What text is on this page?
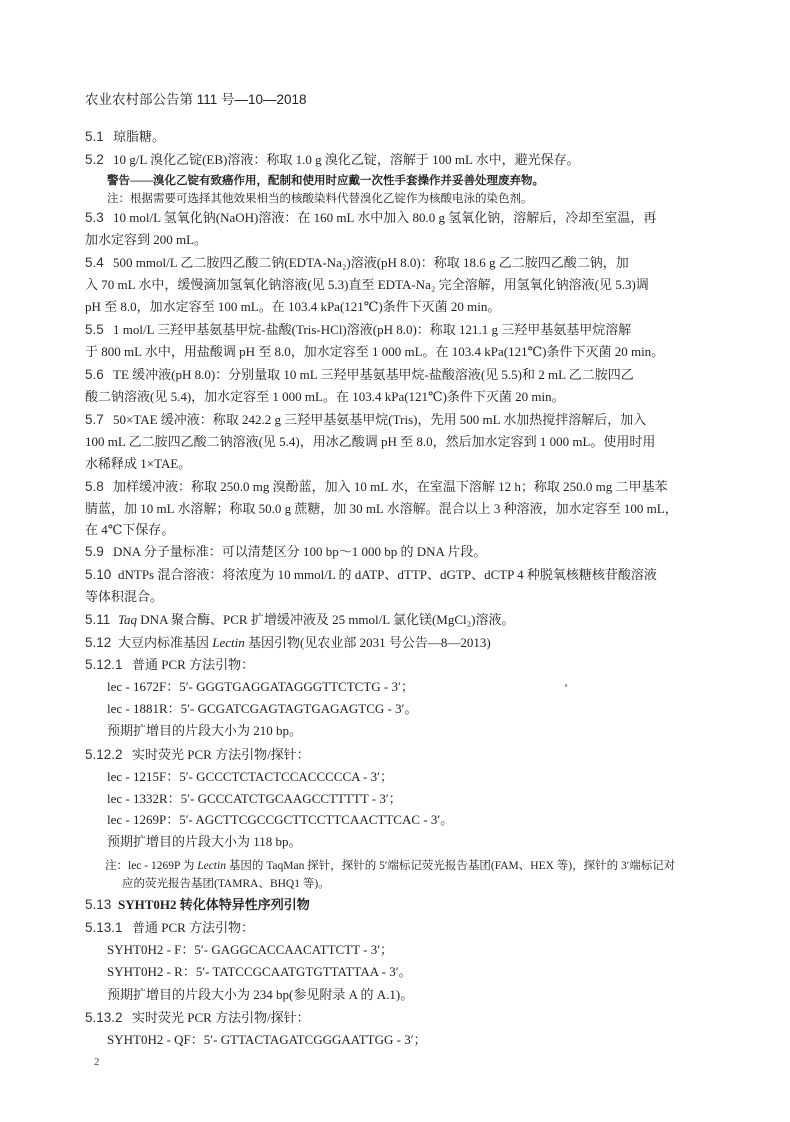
农业农村部公告第 111 号—10—2018
5.1 琼脂糖。
5.2 10 g/L 溴化乙锭(EB)溶液：称取 1.0 g 溴化乙锭，溶解于 100 mL 水中，避光保存。
警告——溴化乙锭有致癌作用，配制和使用时应戴一次性手套操作并妥善处理废弃物。
注：根据需要可选择其他效果相当的核酸染料代替溴化乙锭作为核酸电泳的染色剂。
5.3 10 mol/L 氢氧化钠(NaOH)溶液：在 160 mL 水中加入 80.0 g 氢氧化钠，溶解后，冷却至室温，再
加水定容到 200 mL。
5.4 500 mmol/L 乙二胺四乙酸二钠(EDTA-Na₂)溶液(pH 8.0)：称取 18.6 g 乙二胺四乙酸二钠，加
入 70 mL 水中，缓慢滴加氢氧化钠溶液(见 5.3)直至 EDTA-Na₂ 完全溶解，用氢氧化钠溶液(见 5.3)调
pH 至 8.0，加水定容至 100 mL。在 103.4 kPa(121℃)条件下灭菌 20 min。
5.5 1 mol/L 三羟甲基氨基甲烷-盐酸(Tris-HCl)溶液(pH 8.0)：称取 121.1 g 三羟甲基氨基甲烷溶解
于 800 mL 水中，用盐酸调 pH 至 8.0，加水定容至 1 000 mL。在 103.4 kPa(121℃)条件下灭菌 20 min。
5.6 TE 缓冲液(pH 8.0)：分别量取 10 mL 三羟甲基氨基甲烷-盐酸溶液(见 5.5)和 2 mL 乙二胺四乙
酸二钠溶液(见 5.4)，加水定容至 1 000 mL。在 103.4 kPa(121℃)条件下灭菌 20 min。
5.7 50×TAE 缓冲液：称取 242.2 g 三羟甲基氨基甲烷(Tris)，先用 500 mL 水加热搅拌溶解后，加入
100 mL 乙二胺四乙酸二钠溶液(见 5.4)，用冰乙酸调 pH 至 8.0，然后加水定容到 1 000 mL。使用时用
水稀释成 1×TAE。
5.8 加样缓冲液：称取 250.0 mg 溴酚蓝，加入 10 mL 水，在室温下溶解 12 h；称取 250.0 mg 二甲基苯
腈蓝，加 10 mL 水溶解；称取 50.0 g 蔗糖，加 30 mL 水溶解。混合以上 3 种溶液，加水定容至 100 mL，
在 4℃下保存。
5.9 DNA 分子量标准：可以清楚区分 100 bp～1 000 bp 的 DNA 片段。
5.10 dNTPs 混合溶液：将浓度为 10 mmol/L 的 dATP、dTTP、dGTP、dCTP 4 种脱氧核糖核苷酸溶液
等体积混合。
5.11 Taq DNA 聚合酶、PCR 扩增缓冲液及 25 mmol/L 氯化镁(MgCl₂)溶液。
5.12 大豆内标准基因 Lectin 基因引物(见农业部 2031 号公告—8—2013)
5.12.1 普通 PCR 方法引物：
lec - 1672F：5′- GGGTGAGGATAGGGTTCTCTG - 3′；
lec - 1881R：5′- GCGATCGAGTAGTGAGAGTCG - 3′。
预期扩增目的片段大小为 210 bp。
5.12.2 实时荧光 PCR 方法引物/探针：
lec - 1215F：5′- GCCCTCTACTCCACCCCCA - 3′；
lec - 1332R：5′- GCCCATCTGCAAGCCTTTTT - 3′；
lec - 1269P：5′- AGCTTCGCCGCTTCCTTCAACTTCAC - 3′。
预期扩增目的片段大小为 118 bp。
注：lec - 1269P 为 Lectin 基因的 TaqMan 探针，探针的 5′端标记荧光报告基团(FAM、HEX 等)，探针的 3′端标记对
应的荧光报告基团(TAMRA、BHQ1 等)。
5.13 SYHT0H2 转化体特异性序列引物
5.13.1 普通 PCR 方法引物：
SYHT0H2 - F：5′- GAGGCACCAACATTCTT - 3′；
SYHT0H2 - R：5′- TATCCGCAATGTGTTATTAA - 3′。
预期扩增目的片段大小为 234 bp(参见附录 A 的 A.1)。
5.13.2 实时荧光 PCR 方法引物/探针：
SYHT0H2 - QF：5′- GTTACTAGATCGGGAATTGG - 3′；
2
